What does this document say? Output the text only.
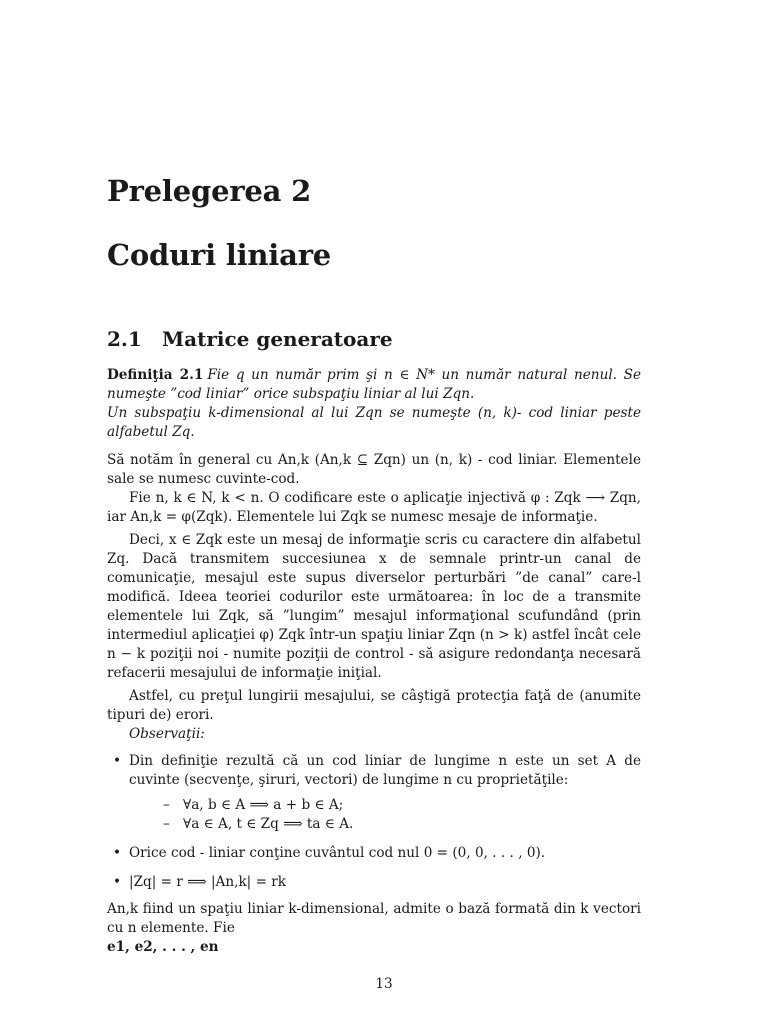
Prelegerea 2
Coduri liniare
2.1 Matrice generatoare

Definiţia 2.1 Fie q un număr prim şi n ∈ N* un număr natural nenul. Se numeşte ”cod liniar” orice subspaţiu liniar al lui Zqn.

Un subspaţiu k-dimensional al lui Zqn se numeşte (n, k)- cod liniar peste alfabetul Zq.

Să notăm în general cu An,k (An,k ⊆ Zqn) un (n, k) - cod liniar. Elementele sale se numesc cuvinte-cod.

Fie n, k ∈ N, k < n. O codificare este o aplicaţie injectivă φ : Zqk ⟶ Zqn, iar An,k = φ(Zqk). Elementele lui Zqk se numesc mesaje de informaţie.

Deci, x ∈ Zqk este un mesaj de informaţie scris cu caractere din alfabetul Zq. Dacă transmitem succesiunea x de semnale printr-un canal de comunicaţie, mesajul este supus diverselor perturbări ”de canal” care-l modifică. Ideea teoriei codurilor este următoarea: în loc de a transmite elementele lui Zqk, să ”lungim” mesajul informaţional scufundând (prin intermediul aplicaţiei φ) Zqk într-un spaţiu liniar Zqn (n > k) astfel încât cele n − k poziţii noi - numite poziţii de control - să asigure redondanţa necesară refacerii mesajului de informaţie iniţial.

Astfel, cu preţul lungirii mesajului, se câştigă protecţia faţă de (anumite tipuri de) erori.

Observaţii:

• Din definiţie rezultă că un cod liniar de lungime n este un set A de cuvinte (secvenţe, şiruri, vectori) de lungime n cu proprietăţile:
– ∀a, b ∈ A ⟹ a + b ∈ A;
– ∀a ∈ A, t ∈ Zq ⟹ ta ∈ A.
• Orice cod - liniar conţine cuvântul cod nul 0 = (0, 0, . . . , 0).
• |Zq| = r ⟹ |An,k| = rk

An,k fiind un spaţiu liniar k-dimensional, admite o bază formată din k vectori cu n elemente. Fie

e1, e2, . . . , en

13
